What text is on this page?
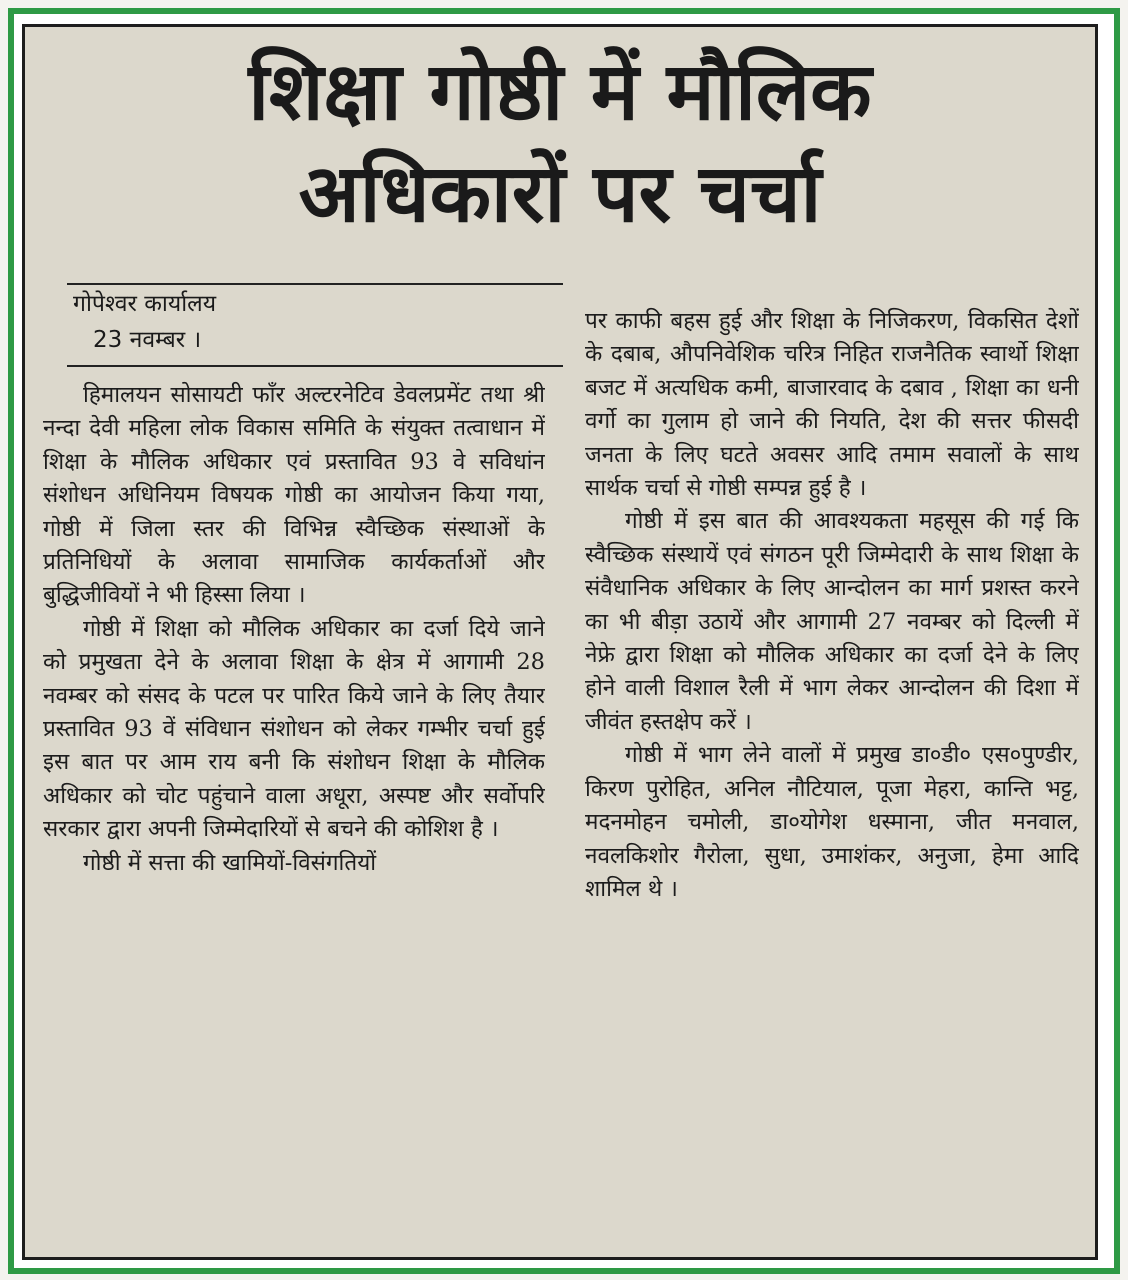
शिक्षा गोष्ठी में मौलिक
अधिकारों पर चर्चा
गोपेश्वर कार्यालय
23 नवम्बर ।

हिमालयन सोसायटी फॉंर अल्टरनेटिव डेवलप्रमेंट तथा श्री नन्दा देवी महिला लोक विकास समिति के संयुक्त तत्वाधान में शिक्षा के मौलिक अधिकार एवं प्रस्तावित 93 वे सविधांन संशोधन अधिनियम विषयक गोष्ठी का आयोजन किया गया, गोष्ठी में जिला स्तर की विभिन्न स्वैच्छिक संस्थाओं के प्रतिनिधियों के अलावा सामाजिक कार्यकर्ताओं और बुद्धिजीवियों ने भी हिस्सा लिया ।

गोष्ठी में शिक्षा को मौलिक अधिकार का दर्जा दिये जाने को प्रमुखता देने के अलावा शिक्षा के क्षेत्र में आगामी 28 नवम्बर को संसद के पटल पर पारित किये जाने के लिए तैयार प्रस्तावित 93 वें संविधान संशोधन को लेकर गम्भीर चर्चा हुई इस बात पर आम राय बनी कि संशोधन शिक्षा के मौलिक अधिकार को चोट पहुंचाने वाला अधूरा, अस्पष्ट और सर्वोपरि सरकार द्वारा अपनी जिम्मेदारियों से बचने की कोशिश है ।

गोष्ठी में सत्ता की खामियों-विसंगतियों

पर काफी बहस हुई और शिक्षा के निजिकरण, विकसित देशों के दबाब, औपनिवेशिक चरित्र निहित राजनैतिक स्वार्थो शिक्षा बजट में अत्यधिक कमी, बाजारवाद के दबाव , शिक्षा का धनी वर्गो का गुलाम हो जाने की नियति, देश की सत्तर फीसदी जनता के लिए घटते अवसर आदि तमाम सवालों के साथ सार्थक चर्चा से गोष्ठी सम्पन्न हुई है ।

गोष्ठी में इस बात की आवश्यकता महसूस की गई कि स्वैच्छिक संस्थायें एवं संगठन पूरी जिम्मेदारी के साथ शिक्षा के संवैधानिक अधिकार के लिए आन्दोलन का मार्ग प्रशस्त करने का भी बीड़ा उठायें और आगामी 27 नवम्बर को दिल्ली में नेफ्रे द्वारा शिक्षा को मौलिक अधिकार का दर्जा देने के लिए होने वाली विशाल रैली में भाग लेकर आन्दोलन की दिशा में जीवंत हस्तक्षेप करें ।

गोष्ठी में भाग लेने वालों में प्रमुख डा०डी० एस०पुण्डीर, किरण पुरोहित, अनिल नौटियाल, पूजा मेहरा, कान्ति भट्ट, मदनमोहन चमोली, डा०योगेश धस्माना, जीत मनवाल, नवलकिशोर गैरोला, सुधा, उमाशंकर, अनुजा, हेमा आदि शामिल थे ।
